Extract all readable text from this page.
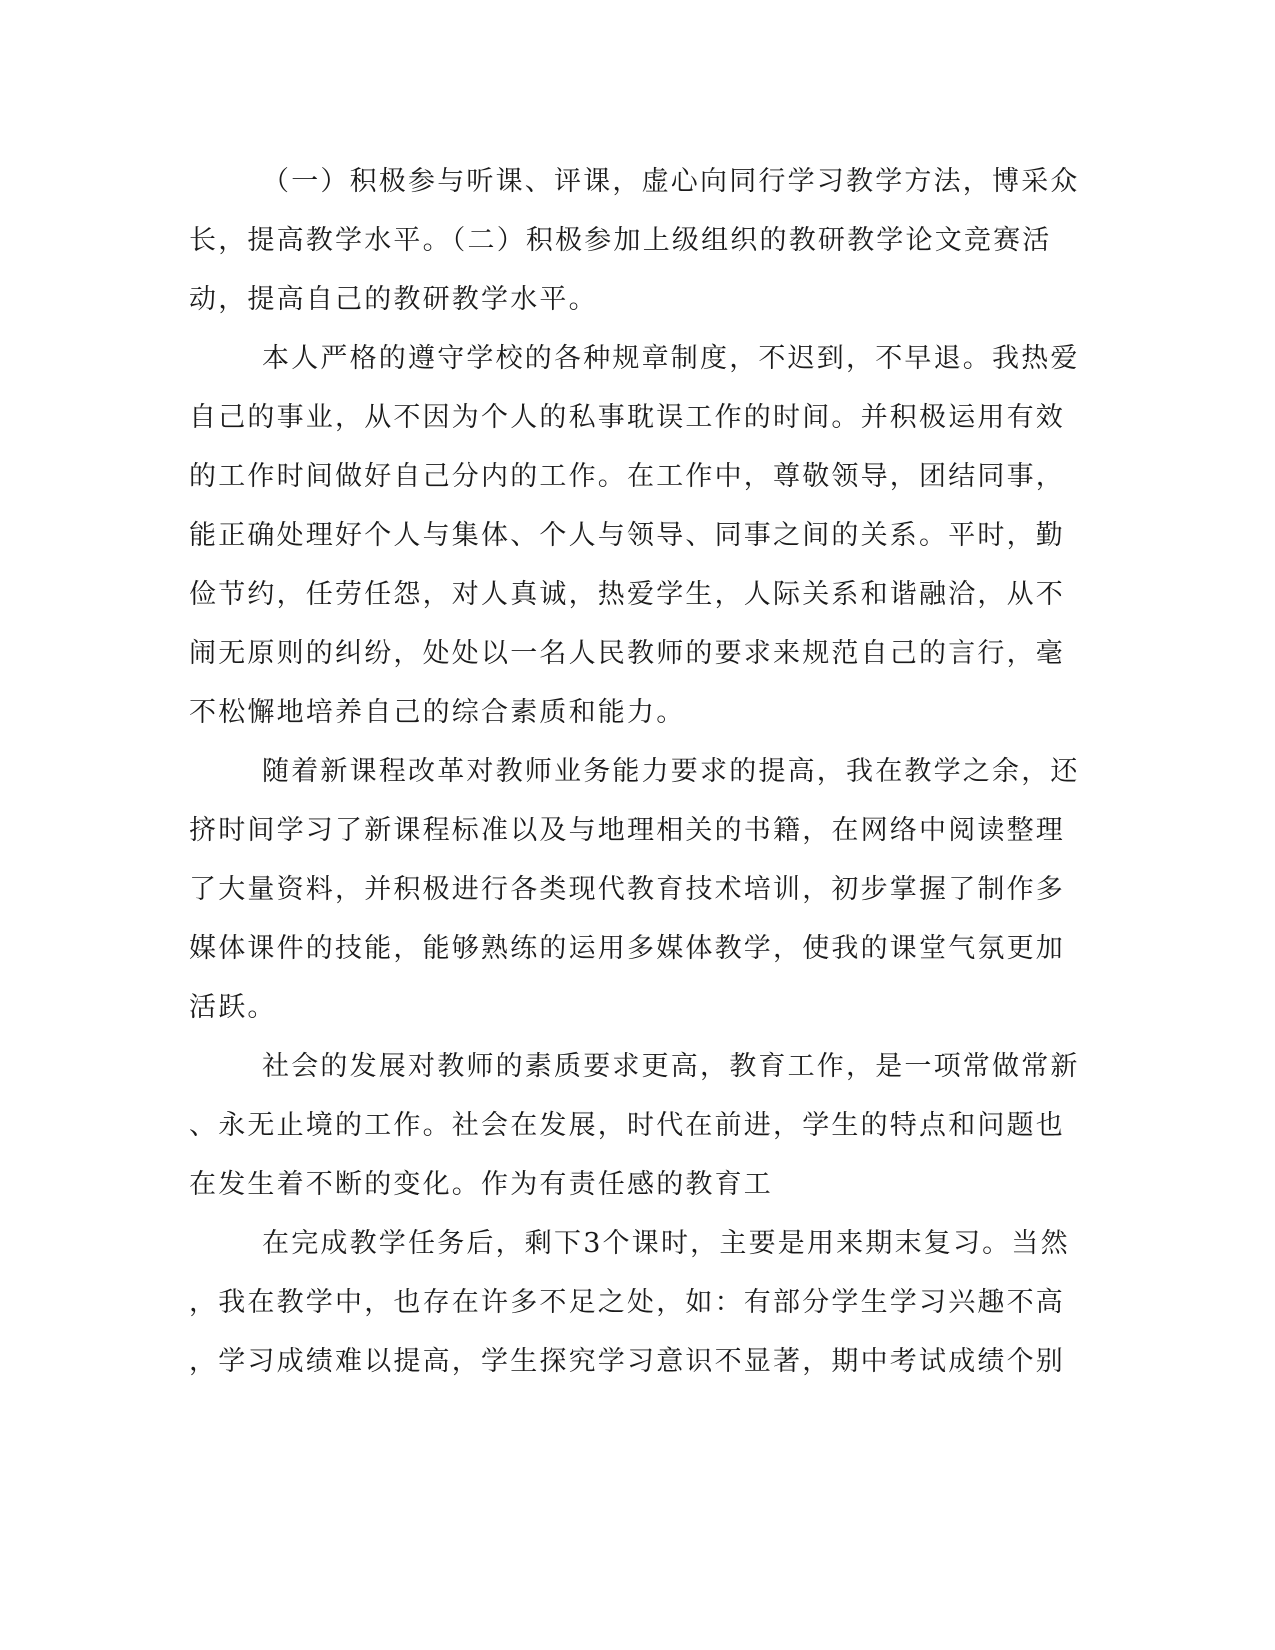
（一）积极参与听课、评课，虚心向同行学习教学方法，博采众
长，提高教学水平。（二）积极参加上级组织的教研教学论文竞赛活
动，提高自己的教研教学水平。
本人严格的遵守学校的各种规章制度，不迟到，不早退。我热爱
自己的事业，从不因为个人的私事耽误工作的时间。并积极运用有效
的工作时间做好自己分内的工作。在工作中，尊敬领导，团结同事，
能正确处理好个人与集体、个人与领导、同事之间的关系。平时，勤
俭节约，任劳任怨，对人真诚，热爱学生，人际关系和谐融洽，从不
闹无原则的纠纷，处处以一名人民教师的要求来规范自己的言行，毫
不松懈地培养自己的综合素质和能力。
随着新课程改革对教师业务能力要求的提高，我在教学之余，还
挤时间学习了新课程标准以及与地理相关的书籍，在网络中阅读整理
了大量资料，并积极进行各类现代教育技术培训，初步掌握了制作多
媒体课件的技能，能够熟练的运用多媒体教学，使我的课堂气氛更加
活跃。
社会的发展对教师的素质要求更高，教育工作，是一项常做常新
、永无止境的工作。社会在发展，时代在前进，学生的特点和问题也
在发生着不断的变化。作为有责任感的教育工
在完成教学任务后，剩下3个课时，主要是用来期末复习。当然
，我在教学中，也存在许多不足之处，如：有部分学生学习兴趣不高
，学习成绩难以提高，学生探究学习意识不显著，期中考试成绩个别
